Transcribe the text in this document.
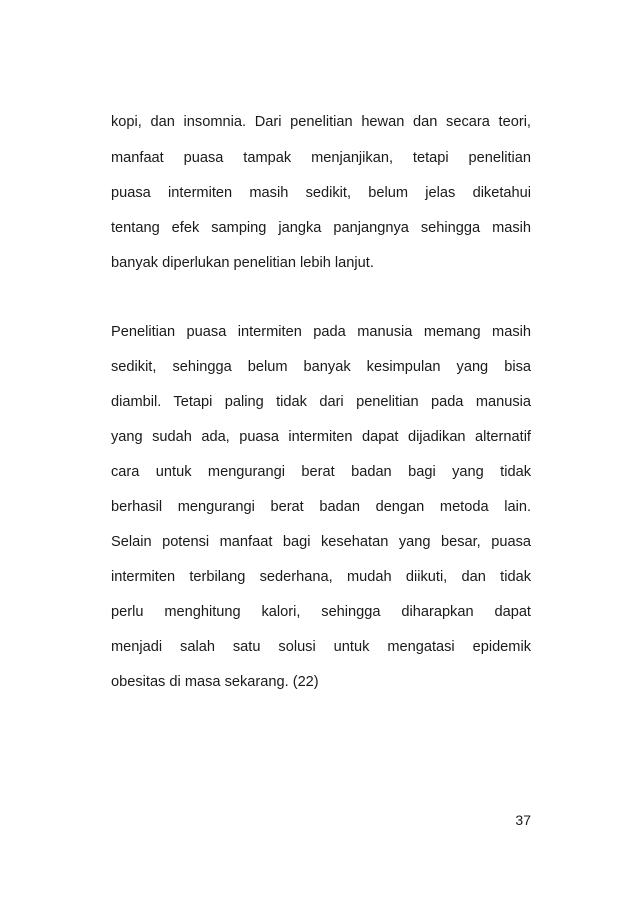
kopi, dan insomnia. Dari penelitian hewan dan secara teori,
manfaat puasa tampak menjanjikan, tetapi penelitian
puasa intermiten masih sedikit, belum jelas diketahui
tentang efek samping jangka panjangnya sehingga masih
banyak diperlukan penelitian lebih lanjut.
Penelitian puasa intermiten pada manusia memang masih
sedikit, sehingga belum banyak kesimpulan yang bisa
diambil. Tetapi paling tidak dari penelitian pada manusia
yang sudah ada, puasa intermiten dapat dijadikan alternatif
cara untuk mengurangi berat badan bagi yang tidak
berhasil mengurangi berat badan dengan metoda lain.
Selain potensi manfaat bagi kesehatan yang besar, puasa
intermiten terbilang sederhana, mudah diikuti, dan tidak
perlu menghitung kalori, sehingga diharapkan dapat
menjadi salah satu solusi untuk mengatasi epidemik
obesitas di masa sekarang. (22)
37
